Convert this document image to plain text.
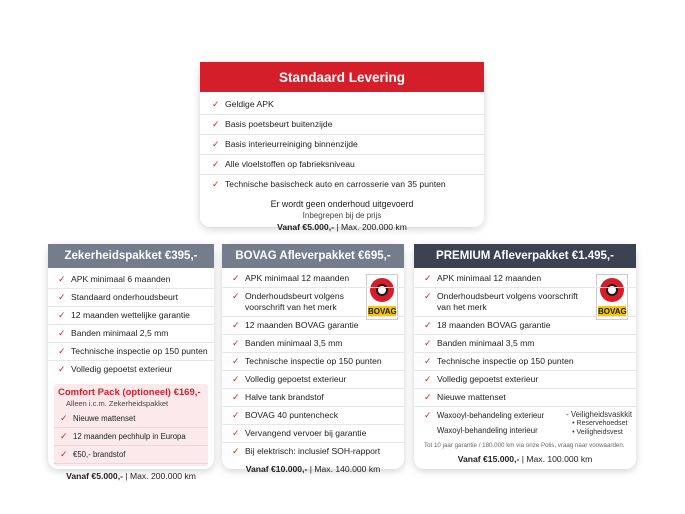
Standaard Levering
✓ Geldige APK
✓ Basis poetsbeurt buitenzijde
✓ Basis interieurreiniging binnenzijde
✓ Alle vloelstoffen op fabrieksniveau
✓ Technische basischeck auto en carrosserie van 35 punten
Er wordt geen onderhoud uitgevoerd
Inbegrepen bij de prijs
Vanaf €5.000,- | Max. 200.000 km
Zekerheidspakket €395,-
✓ APK minimaal 6 maanden
✓ Standaard onderhoudsbeurt
✓ 12 maanden wettelijke garantie
✓ Banden minimaal 2,5 mm
✓ Technische inspectie op 150 punten
✓ Volledig gepoetst exterieur
Comfort Pack (optioneel) €169,-
Alleen i.c.m. Zekerheidspakket
✓ Nieuwe mattenset
✓ 12 maanden pechhulp in Europa
✓ €50,- brandstof
Vanaf €5.000,- | Max. 200.000 km
BOVAG Afleverpakket €695,-
BOVAG
✓ APK minimaal 12 maanden
✓ Onderhoudsbeurt volgens voorschrift van het merk
✓ 12 maanden BOVAG garantie
✓ Banden minimaal 3,5 mm
✓ Technische inspectie op 150 punten
✓ Volledig gepoetst exterieur
✓ Halve tank brandstof
✓ BOVAG 40 puntencheck
✓ Vervangend vervoer bij garantie
✓ Bij elektrisch: inclusief SOH-rapport
Vanaf €10.000,- | Max. 140.000 km
PREMIUM Afleverpakket €1.495,-
BOVAG
✓ APK minimaal 12 maanden
✓ Onderhoudsbeurt volgens voorschrift van het merk
✓ 18 maanden BOVAG garantie
✓ Banden minimaal 3,5 mm
✓ Technische inspectie op 150 punten
✓ Volledig gepoetst exterieur
✓ Nieuwe mattenset
✓ Waxooyl-behandeling exterieur
Waxoyl-behandeling interieur
- Veiligheidsvaskkit
• Reservehoedset
• Veiligheidsvest
Tot 10 jaar garantie / 180.000 km via onze Polis, vraag naar voowaarden.
Vanaf €15.000,- | Max. 100.000 km
